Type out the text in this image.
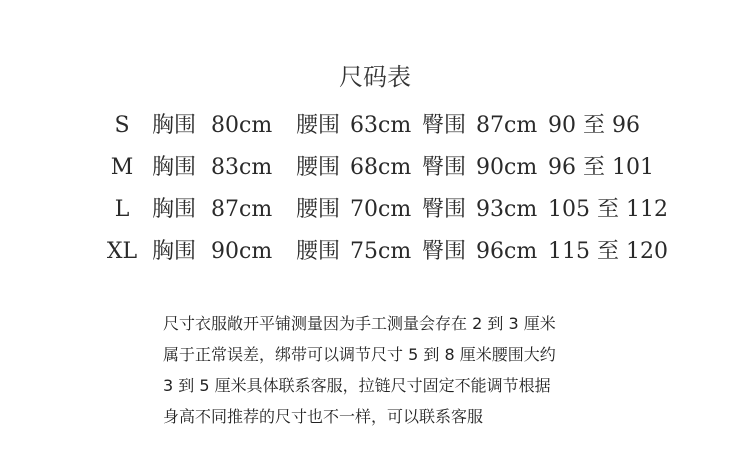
尺码表
S	胸围 80cm 腰围 63cm 臀围 87cm 90 至 96
M 胸围 83cm 腰围 68cm 臀围 90cm 96 至 101
L	胸围 87cm 腰围 70cm 臀围 93cm 105 至 112
XL 胸围 90cm 腰围 75cm 臀围 96cm 115 至 120
尺寸衣服敞开平铺测量因为手工测量会存在 2 到 3 厘米
属于正常误差，绑带可以调节尺寸 5 到 8 厘米腰围大约
3 到 5 厘米具体联系客服，拉链尺寸固定不能调节根据
身高不同推荐的尺寸也不一样，可以联系客服
